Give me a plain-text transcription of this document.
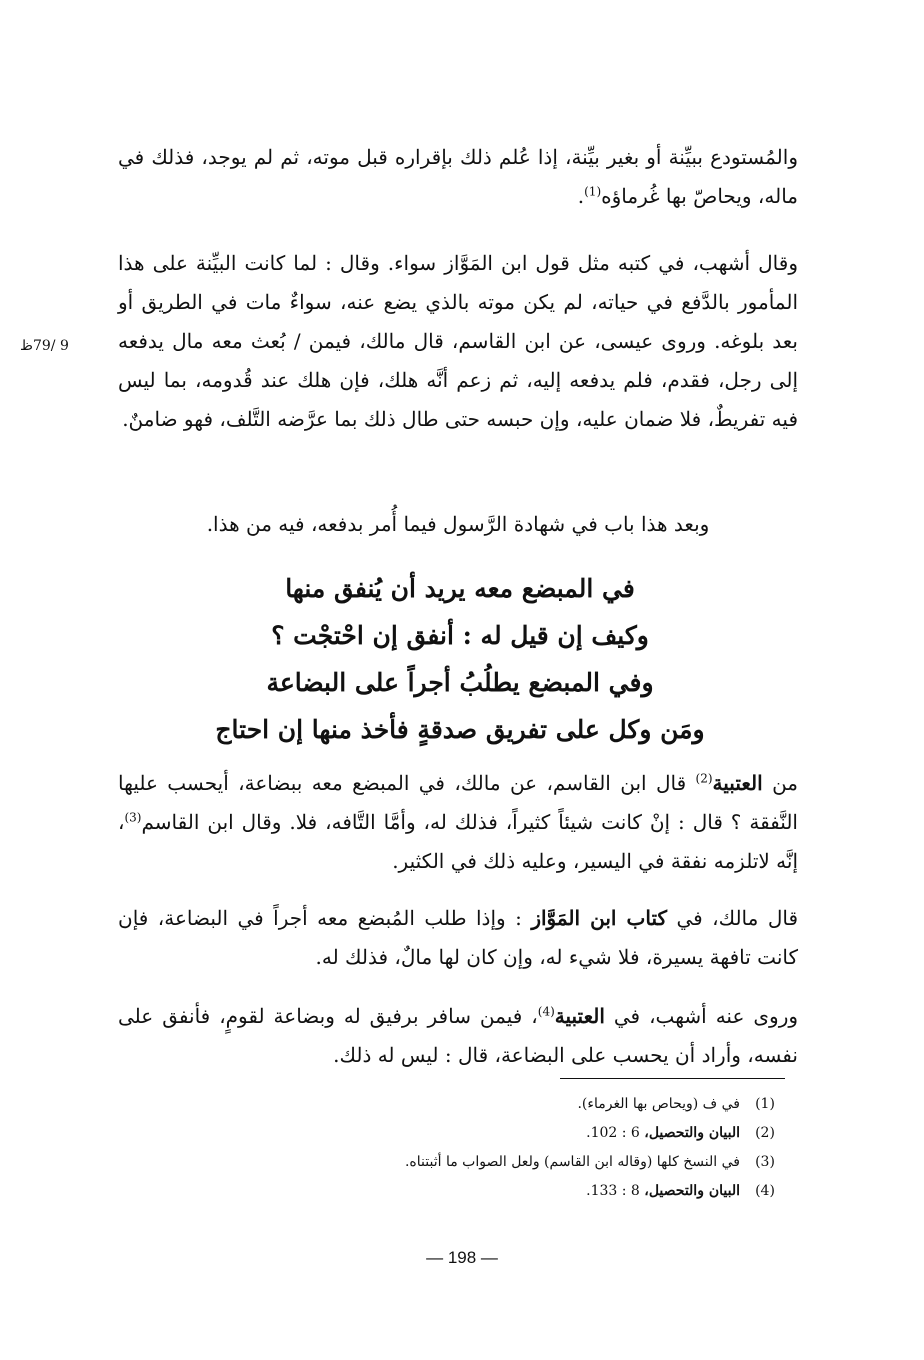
والمُستودع ببيِّنة أو بغير بيِّنة، إذا عُلم ذلك بإقراره قبل موته، ثم لم يوجد، فذلك في ماله، ويحاصّ بها غُرماؤه$^{(1)}$.

وقال أشهب، في كتبه مثل قول ابن المَوَّاز سواء. وقال : لما كانت البيِّنة على هذا المأمور بالدَّفع في حياته، لم يكن موته بالذي يضع عنه، سواءٌ مات في الطريق أو بعد بلوغه. وروى عيسى، عن ابن القاسم، قال مالك، فيمن / بُعث معه مال يدفعه إلى رجل، فقدم، فلم يدفعه إليه، ثم زعم أنَّه هلك، فإن هلك عند قُدومه، بما ليس فيه تفريطٌ، فلا ضمان عليه، وإن حبسه حتى طال ذلك بما عرَّضه التَّلف، فهو ضامنٌ.

9 /79ظ

وبعد هذا باب في شهادة الرَّسول فيما أُمر بدفعه، فيه من هذا.

في المبضع معه يريد أن يُنفق منها

وكيف إن قيل له : أنفق إن احْتجْت ؟

وفي المبضع يطلُبُ أجراً على البضاعة

ومَن وكل على تفريق صدقةٍ فأخذ منها إن احتاج

من العتبية$^{(2)}$ قال ابن القاسم، عن مالك، في المبضع معه ببضاعة، أيحسب عليها النَّفقة ؟ قال : إنْ كانت شيئاً كثيراً، فذلك له، وأمَّا التَّافه، فلا. وقال ابن القاسم$^{(3)}$، إنَّه لاتلزمه نفقة في اليسير، وعليه ذلك في الكثير.

قال مالك، في كتاب ابن المَوَّاز : وإذا طلب المُبضع معه أجراً في البضاعة، فإن كانت تافهة يسيرة، فلا شيء له، وإن كان لها مالٌ، فذلك له.

وروى عنه أشهب، في العتبية$^{(4)}$، فيمن سافر برفيق له وبضاعة لقومٍ، فأنفق على نفسه، وأراد أن يحسب على البضاعة، قال : ليس له ذلك.

(1)
في ف (ويحاص بها الغرماء).

(2)
البيان والتحصيل، 6 : 102.

(3)
في النسخ كلها (وقاله ابن القاسم) ولعل الصواب ما أثبتناه.

(4)
البيان والتحصيل، 8 : 133.

— 198 —
